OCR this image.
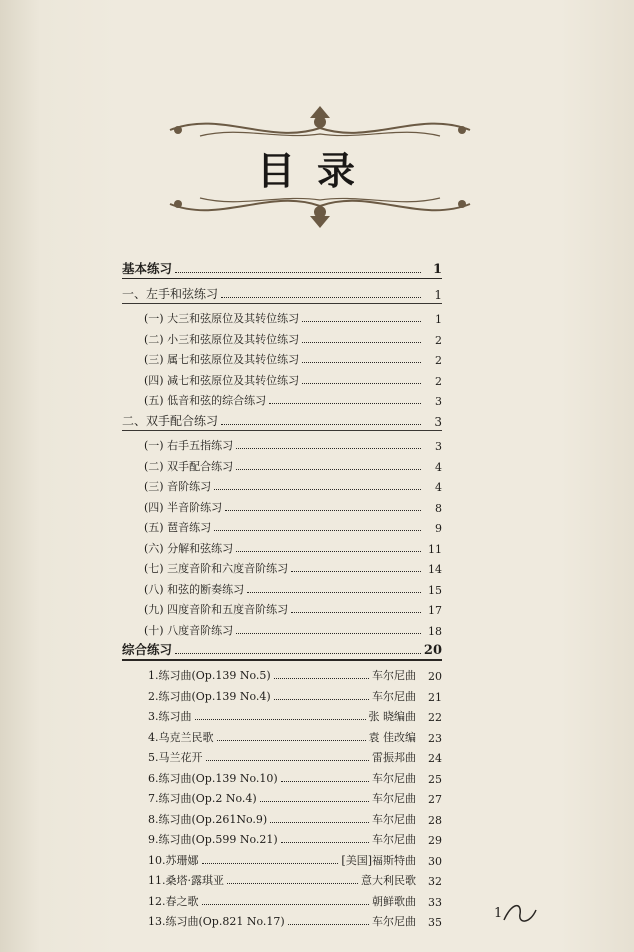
目录
基本练习	1
一、左手和弦练习	1
(一) 大三和弦原位及其转位练习	1
(二) 小三和弦原位及其转位练习	2
(三) 属七和弦原位及其转位练习	2
(四) 减七和弦原位及其转位练习	2
(五) 低音和弦的综合练习	3
二、双手配合练习	3
(一) 右手五指练习	3
(二) 双手配合练习	4
(三) 音阶练习	4
(四) 半音阶练习	8
(五) 琶音练习	9
(六) 分解和弦练习	11
(七) 三度音阶和六度音阶练习	14
(八) 和弦的断奏练习	15
(九) 四度音阶和五度音阶练习	17
(十) 八度音阶练习	18
综合练习	20
1.练习曲(Op.139 No.5)	车尔尼曲	20
2.练习曲(Op.139 No.4)	车尔尼曲	21
3.练习曲	张 晓编曲	22
4.乌克兰民歌	袁 佳改编	23
5.马兰花开	雷振邦曲	24
6.练习曲(Op.139 No.10)	车尔尼曲	25
7.练习曲(Op.2 No.4)	车尔尼曲	27
8.练习曲(Op.261No.9)	车尔尼曲	28
9.练习曲(Op.599 No.21)	车尔尼曲	29
10.苏珊娜	[美国]福斯特曲	30
11.桑塔·露琪亚	意大利民歌	32
12.春之歌	朝鲜歌曲	33
13.练习曲(Op.821 No.17)	车尔尼曲	35
1
